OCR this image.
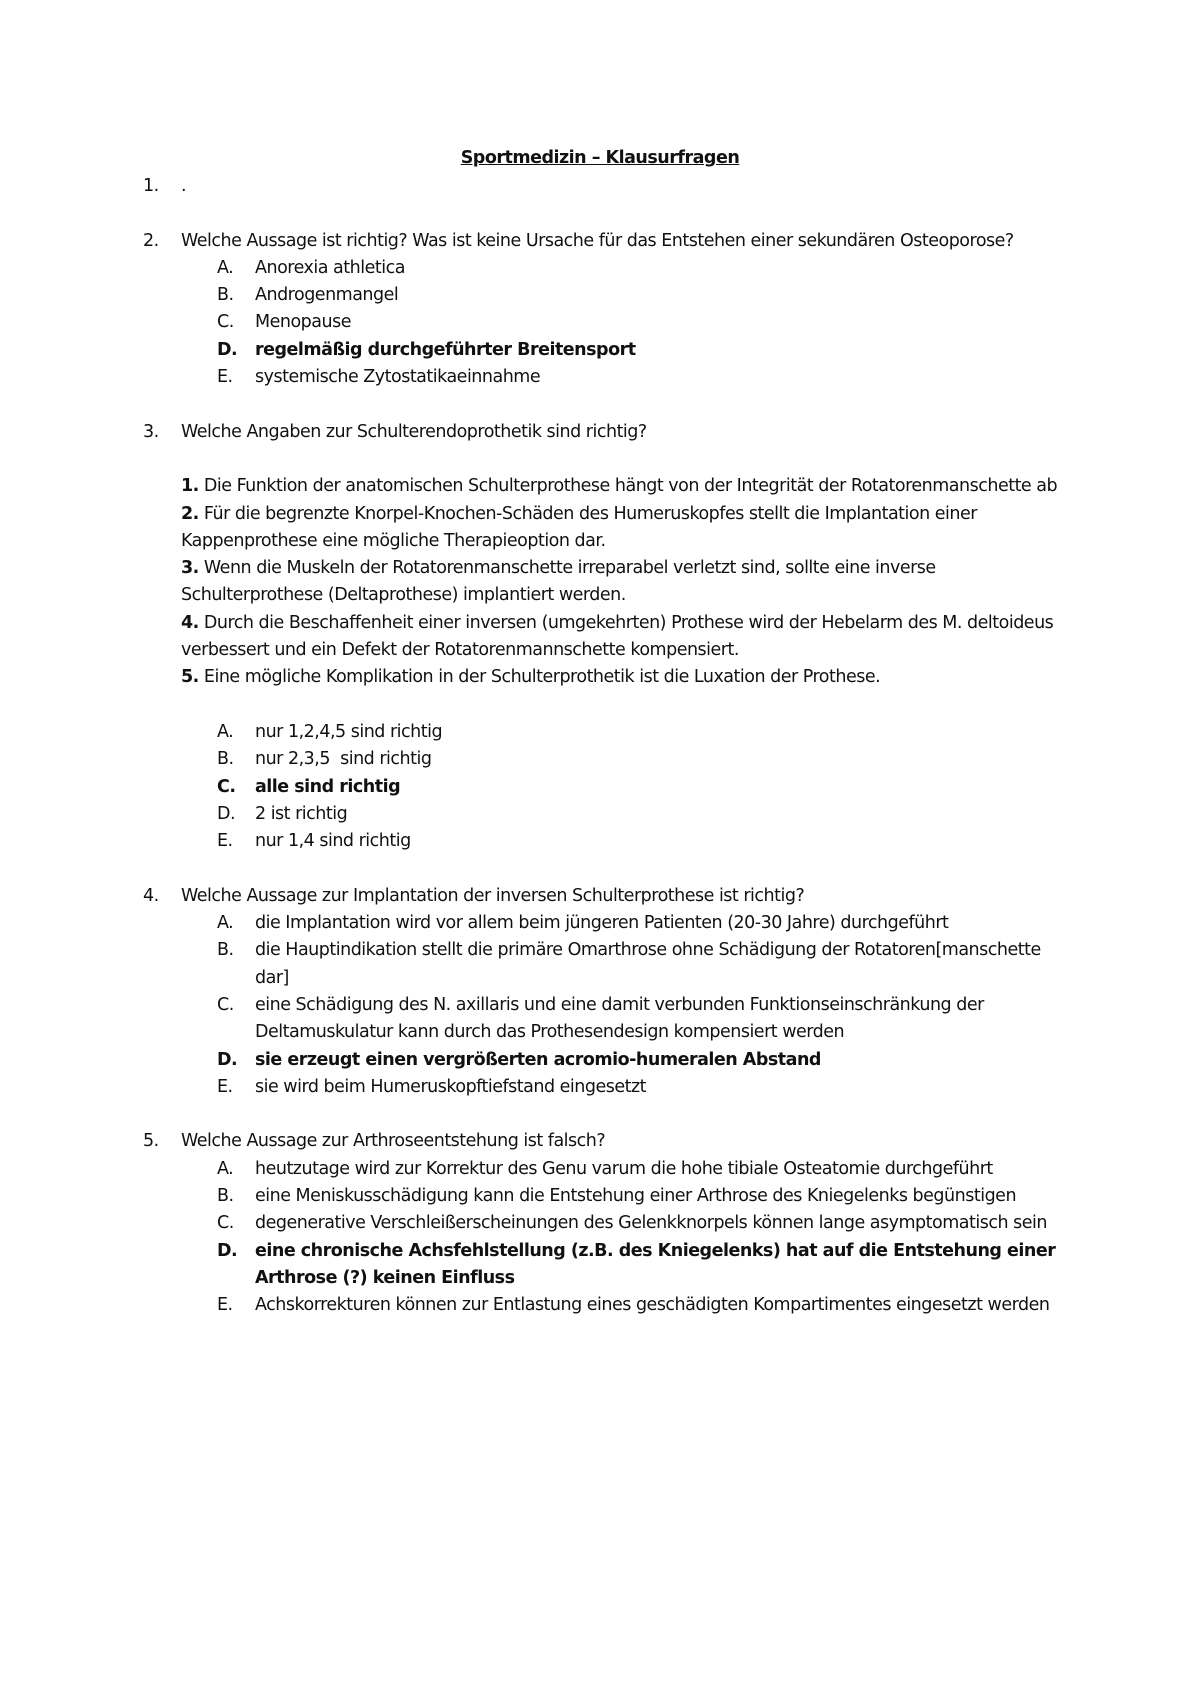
Sportmedizin – Klausurfragen
1. .
2. Welche Aussage ist richtig? Was ist keine Ursache für das Entstehen einer sekundären Osteoporose?
A. Anorexia athletica
B. Androgenmangel
C. Menopause
D. regelmäßig durchgeführter Breitensport
E. systemische Zytostatikaeinnahme
3. Welche Angaben zur Schulterendoprothetik sind richtig?
1. Die Funktion der anatomischen Schulterprothese hängt von der Integrität der Rotatorenmanschette ab
2. Für die begrenzte Knorpel-Knochen-Schäden des Humeruskopfes stellt die Implantation einer Kappenprothese eine mögliche Therapieoption dar.
3. Wenn die Muskeln der Rotatorenmanschette irreparabel verletzt sind, sollte eine inverse Schulterprothese (Deltaprothese) implantiert werden.
4. Durch die Beschaffenheit einer inversen (umgekehrten) Prothese wird der Hebelarm des M. deltoideus verbessert und ein Defekt der Rotatorenmannschette kompensiert.
5. Eine mögliche Komplikation in der Schulterprothetik ist die Luxation der Prothese.
A. nur 1,2,4,5 sind richtig
B. nur 2,3,5  sind richtig
C. alle sind richtig
D. 2 ist richtig
E. nur 1,4 sind richtig
4. Welche Aussage zur Implantation der inversen Schulterprothese ist richtig?
A. die Implantation wird vor allem beim jüngeren Patienten (20-30 Jahre) durchgeführt
B. die Hauptindikation stellt die primäre Omarthrose ohne Schädigung der Rotatoren[manschette dar]
C. eine Schädigung des N. axillaris und eine damit verbunden Funktionseinschränkung der Deltamuskulatur kann durch das Prothesendesign kompensiert werden
D. sie erzeugt einen vergrößerten acromio-humeralen Abstand
E. sie wird beim Humeruskopftiefstand eingesetzt
5. Welche Aussage zur Arthroseentstehung ist falsch?
A. heutzutage wird zur Korrektur des Genu varum die hohe tibiale Osteatomie durchgeführt
B. eine Meniskusschädigung kann die Entstehung einer Arthrose des Kniegelenks begünstigen
C. degenerative Verschleißerscheinungen des Gelenkknorpels können lange asymptomatisch sein
D. eine chronische Achsfehlstellung (z.B. des Kniegelenks) hat auf die Entstehung einer Arthrose (?) keinen Einfluss
E. Achskorrekturen können zur Entlastung eines geschädigten Kompartimentes eingesetzt werden
